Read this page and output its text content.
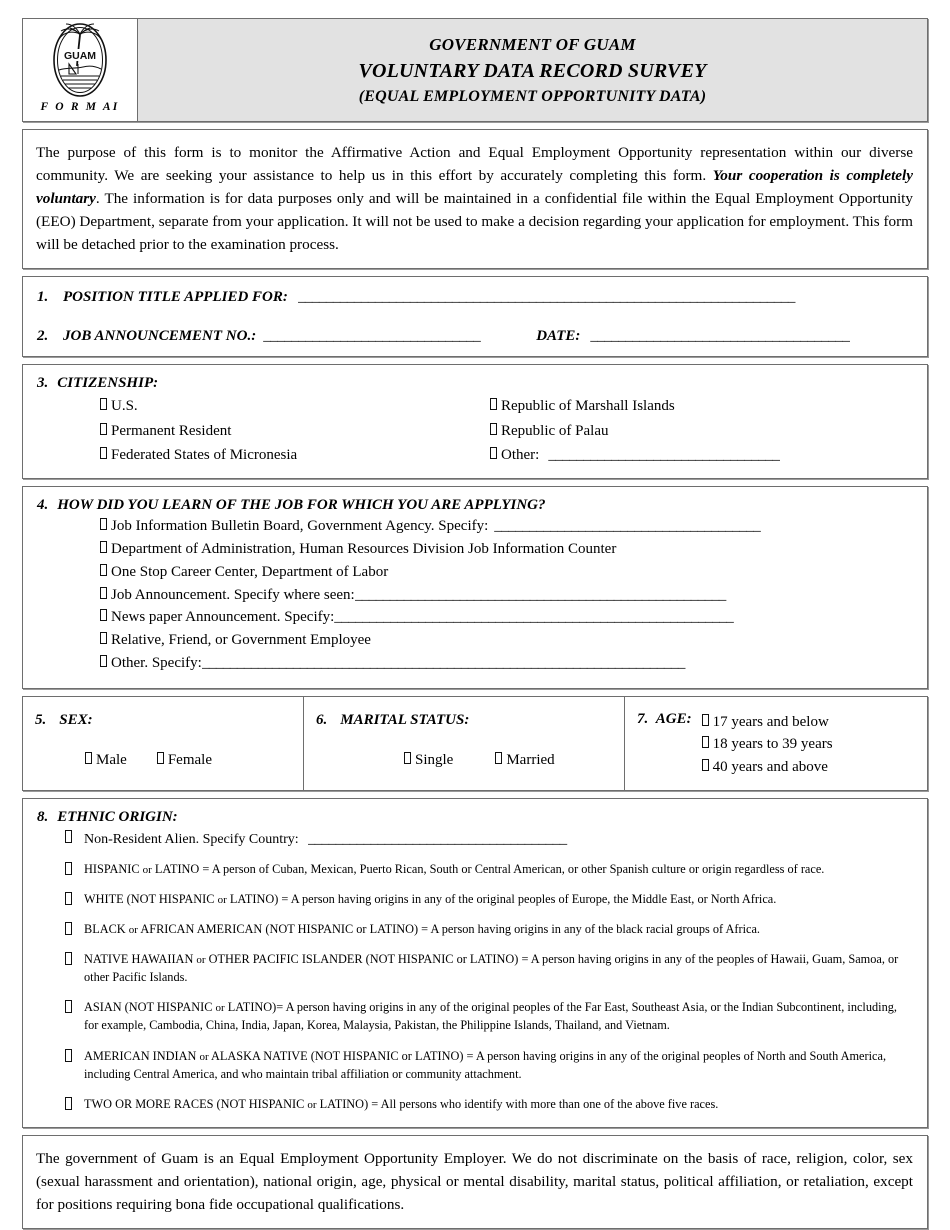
GUAM
F O R M AI
GOVERNMENT OF GUAM
VOLUNTARY DATA RECORD SURVEY
(EQUAL EMPLOYMENT OPPORTUNITY DATA)

The purpose of this form is to monitor the Affirmative Action and Equal Employment Opportunity representation within our diverse community. We are seeking your assistance to help us in this effort by accurately completing this form. Your cooperation is completely voluntary. The information is for data purposes only and will be maintained in a confidential file within the Equal Employment Opportunity (EEO) Department, separate from your application. It will not be used to make a decision regarding your application for employment. This form will be detached prior to the examination process.

1. POSITION TITLE APPLIED FOR: _______________________________________________________________________
2. JOB ANNOUNCEMENT NO.: _______________________________	DATE: _____________________________________
3. CITIZENSHIP:
U.S.	Republic of Marshall Islands
Permanent Resident	Republic of Palau
Federated States of Micronesia	Other: _________________________________
4. HOW DID YOU LEARN OF THE JOB FOR WHICH YOU ARE APPLYING?
Job Information Bulletin Board, Government Agency. Specify: ______________________________________
Department of Administration, Human Resources Division Job Information Counter
One Stop Career Center, Department of Labor
Job Announcement. Specify where seen: _____________________________________________________
News paper Announcement. Specify: _________________________________________________________
Relative, Friend, or Government Employee
Other. Specify: _____________________________________________________________________
5. SEX:
Male	Female
6. MARITAL STATUS:
Single	Married
7. AGE: 17 years and below
18 years to 39 years
40 years and above
8. ETHNIC ORIGIN:
Non-Resident Alien. Specify Country: _____________________________________
HISPANIC or LATINO = A person of Cuban, Mexican, Puerto Rican, South or Central American, or other Spanish culture or origin regardless of race.
WHITE (NOT HISPANIC or LATINO) = A person having origins in any of the original peoples of Europe, the Middle East, or North Africa.
BLACK or AFRICAN AMERICAN (NOT HISPANIC or LATINO) = A person having origins in any of the black racial groups of Africa.
NATIVE HAWAIIAN or OTHER PACIFIC ISLANDER (NOT HISPANIC or LATINO) = A person having origins in any of the peoples of Hawaii, Guam, Samoa, or other Pacific Islands.
ASIAN (NOT HISPANIC or LATINO)= A person having origins in any of the original peoples of the Far East, Southeast Asia, or the Indian Subcontinent, including, for example, Cambodia, China, India, Japan, Korea, Malaysia, Pakistan, the Philippine Islands, Thailand, and Vietnam.
AMERICAN INDIAN or ALASKA NATIVE (NOT HISPANIC or LATINO) = A person having origins in any of the original peoples of North and South America, including Central America, and who maintain tribal affiliation or community attachment.
TWO OR MORE RACES (NOT HISPANIC or LATINO) = All persons who identify with more than one of the above five races.

The government of Guam is an Equal Employment Opportunity Employer. We do not discriminate on the basis of race, religion, color, sex (sexual harassment and orientation), national origin, age, physical or mental disability, marital status, political affiliation, or retaliation, except for positions requiring bona fide occupational qualifications.
